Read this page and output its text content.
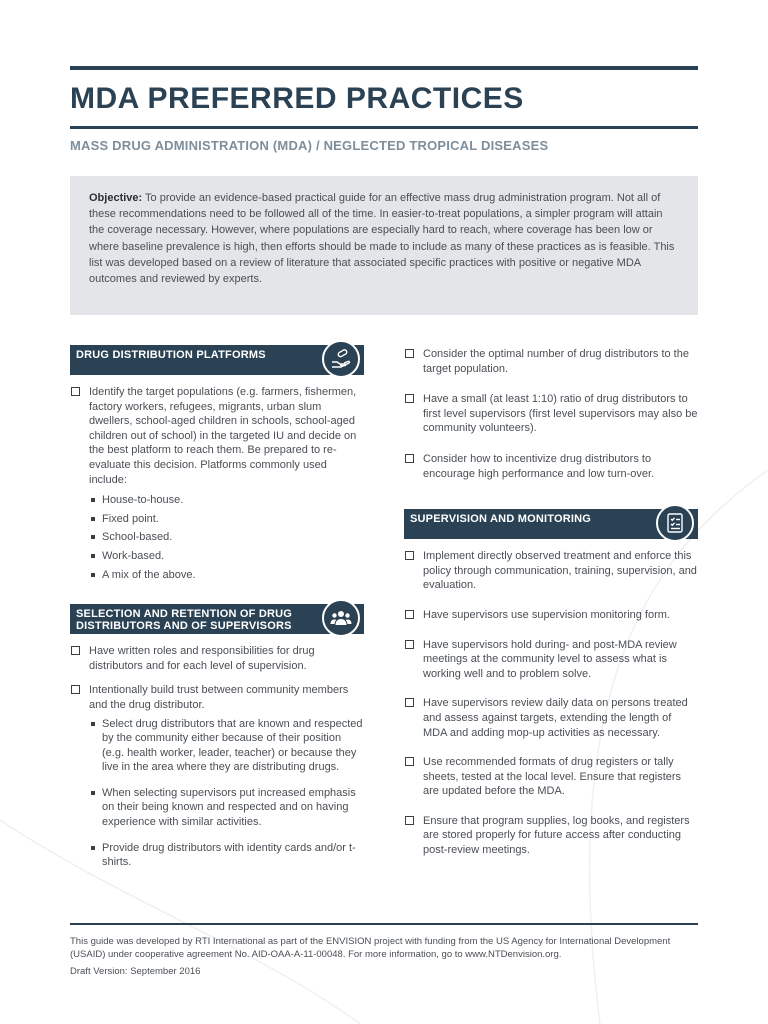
MDA PREFERRED PRACTICES
MASS DRUG ADMINISTRATION (MDA) / NEGLECTED TROPICAL DISEASES
Objective: To provide an evidence-based practical guide for an effective mass drug administration program. Not all of these recommendations need to be followed all of the time. In easier-to-treat populations, a simpler program will attain the coverage necessary. However, where populations are especially hard to reach, where coverage has been low or where baseline prevalence is high, then efforts should be made to include as many of these practices as is feasible. This list was developed based on a review of literature that associated specific practices with positive or negative MDA outcomes and reviewed by experts.
DRUG DISTRIBUTION PLATFORMS
Identify the target populations (e.g. farmers, fishermen, factory workers, refugees, migrants, urban slum dwellers, school-aged children in schools, school-aged children out of school) in the targeted IU and decide on the best platform to reach them. Be prepared to re-evaluate this decision. Platforms commonly used include:
House-to-house.
Fixed point.
School-based.
Work-based.
A mix of the above.
SELECTION AND RETENTION OF DRUG DISTRIBUTORS AND OF SUPERVISORS
Have written roles and responsibilities for drug distributors and for each level of supervision.
Intentionally build trust between community members and the drug distributor.
Select drug distributors that are known and respected by the community either because of their position (e.g. health worker, leader, teacher) or because they live in the area where they are distributing drugs.
When selecting supervisors put increased emphasis on their being known and respected and on having experience with similar activities.
Provide drug distributors with identity cards and/or t- shirts.
Consider the optimal number of drug distributors to the target population.
Have a small (at least 1:10) ratio of drug distributors to first level supervisors (first level supervisors may also be community volunteers).
Consider how to incentivize drug distributors to encourage high performance and low turn-over.
SUPERVISION AND MONITORING
Implement directly observed treatment and enforce this policy through communication, training, supervision, and evaluation.
Have supervisors use supervision monitoring form.
Have supervisors hold during- and post-MDA review meetings at the community level to assess what is working well and to problem solve.
Have supervisors review daily data on persons treated and assess against targets, extending the length of MDA and adding mop-up activities as necessary.
Use recommended formats of drug registers or tally sheets, tested at the local level. Ensure that registers are updated before the MDA.
Ensure that program supplies, log books, and registers are stored properly for future access after conducting post-review meetings.
This guide was developed by RTI International as part of the ENVISION project with funding from the US Agency for International Development (USAID) under cooperative agreement No. AID-OAA-A-11-00048. For more information, go to www.NTDenvision.org.
Draft Version: September 2016
